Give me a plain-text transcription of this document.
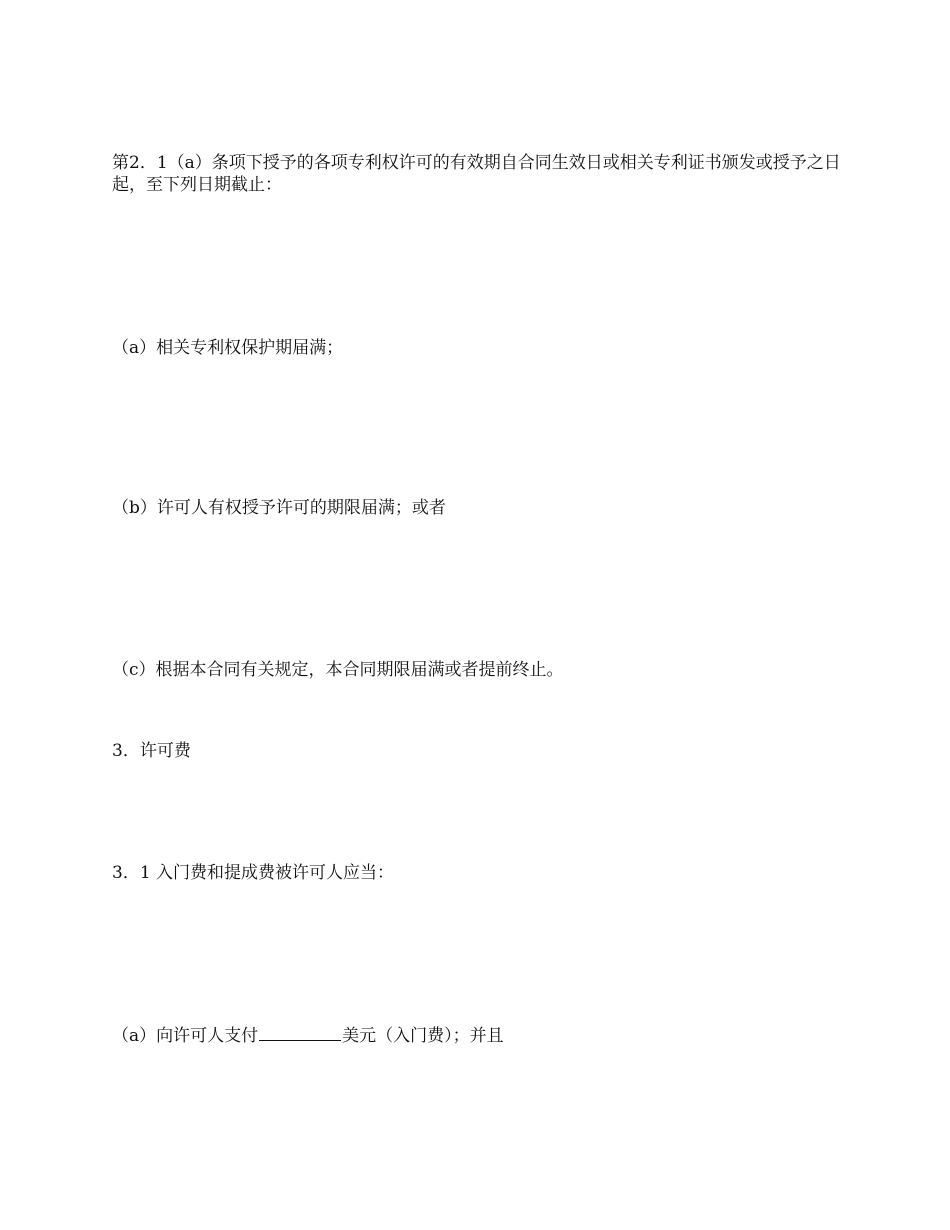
第2．1（a）条项下授予的各项专利权许可的有效期自合同生效日或相关专利证书颁发或授予之日起，至下列日期截止：

（a）相关专利权保护期届满；

（b）许可人有权授予许可的期限届满；或者

（c）根据本合同有关规定，本合同期限届满或者提前终止。

3．许可费

3．1 入门费和提成费被许可人应当：

（a）向许可人支付	美元（入门费）；并且
